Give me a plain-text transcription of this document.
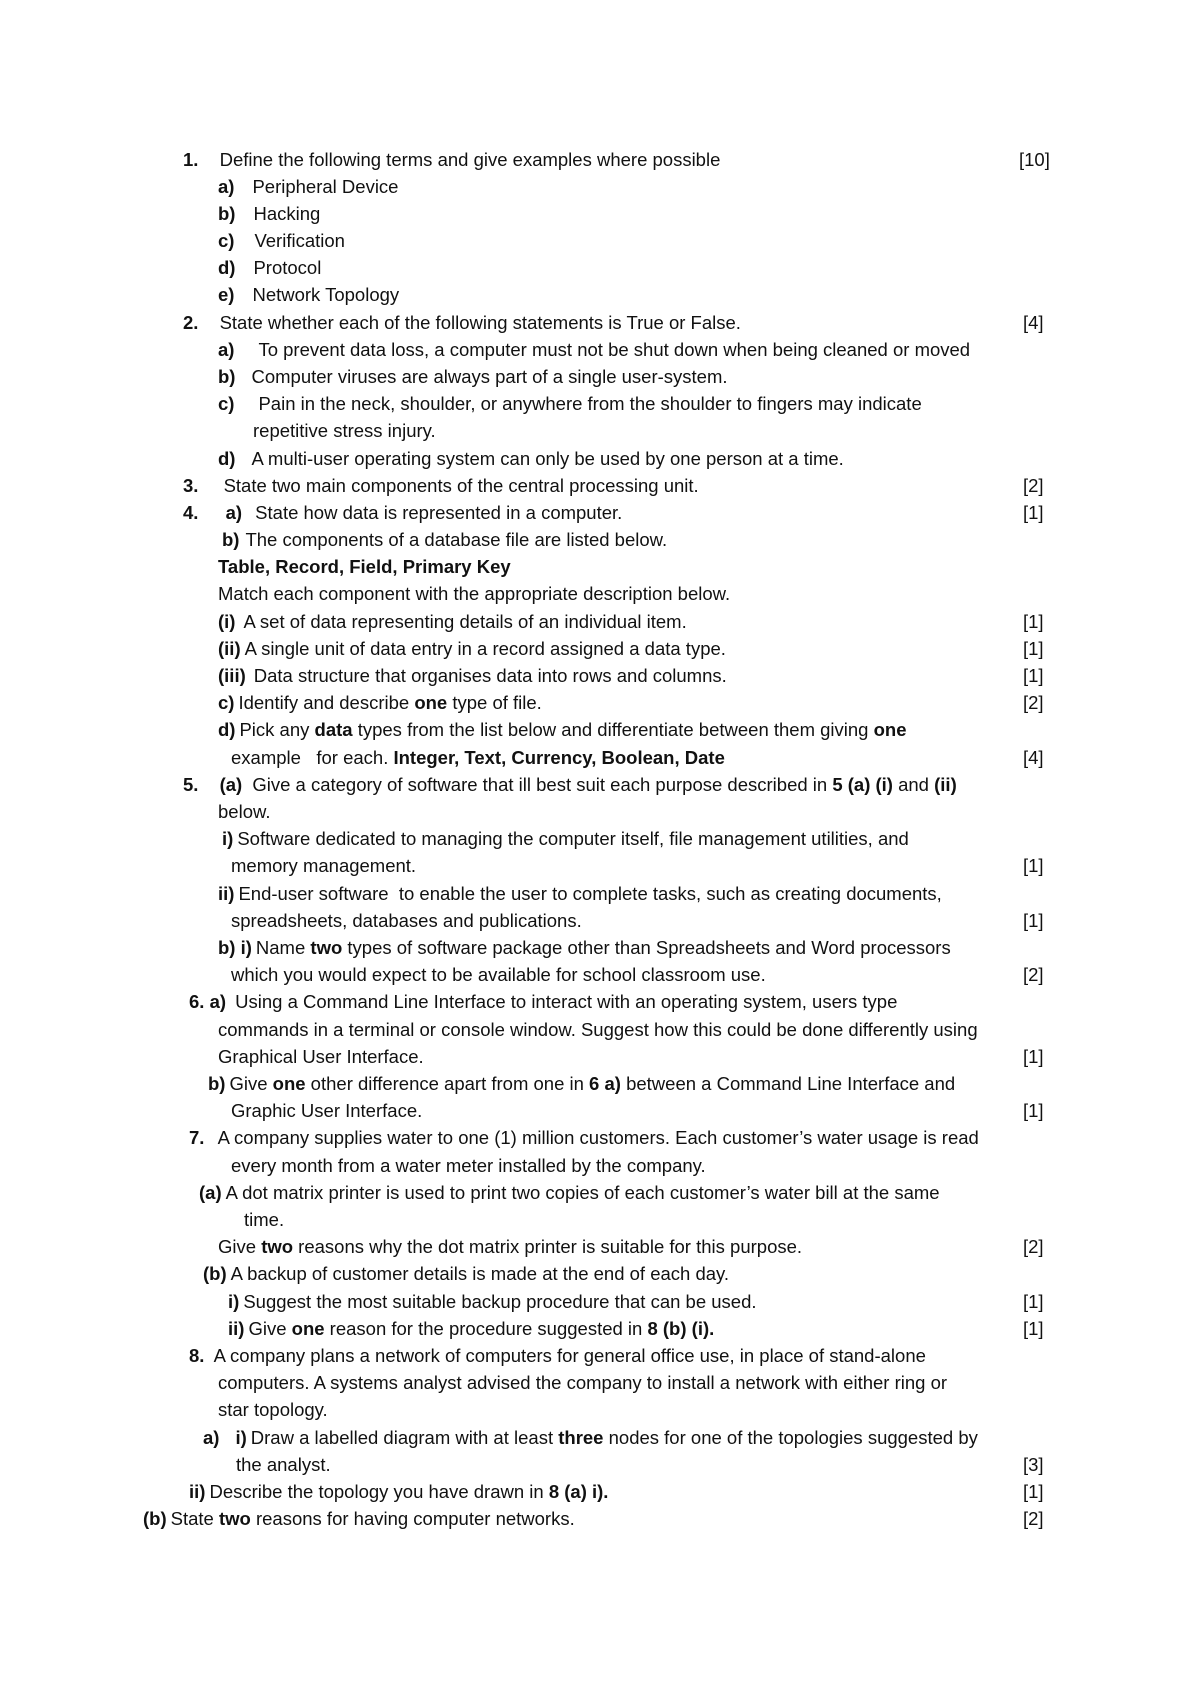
1. Define the following terms and give examples where possible	[10]
a) Peripheral Device
b) Hacking
c) Verification
d) Protocol
e) Network Topology
2. State whether each of the following statements is True or False.	[4]
a) To prevent data loss, a computer must not be shut down when being cleaned or moved
b) Computer viruses are always part of a single user-system.
c) Pain in the neck, shoulder, or anywhere from the shoulder to fingers may indicate
repetitive stress injury.
d) A multi-user operating system can only be used by one person at a time.
3. State two main components of the central processing unit.	[2]
4. a) State how data is represented in a computer.	[1]
b) The components of a database file are listed below.
Table, Record, Field, Primary Key
Match each component with the appropriate description below.
(i) A set of data representing details of an individual item.	[1]
(ii) A single unit of data entry in a record assigned a data type.	[1]
(iii) Data structure that organises data into rows and columns.	[1]
c) Identify and describe one type of file.	[2]
d) Pick any data types from the list below and differentiate between them giving one
example   for each. Integer, Text, Currency, Boolean, Date	[4]
5. (a) Give a category of software that ill best suit each purpose described in 5 (a) (i) and (ii)
below.
i) Software dedicated to managing the computer itself, file management utilities, and
memory management.	[1]
ii) End-user software  to enable the user to complete tasks, such as creating documents,
spreadsheets, databases and publications.	[1]
b) i) Name two types of software package other than Spreadsheets and Word processors
which you would expect to be available for school classroom use.	[2]
6. a) Using a Command Line Interface to interact with an operating system, users type
commands in a terminal or console window. Suggest how this could be done differently using
Graphical User Interface.	[1]
b) Give one other difference apart from one in 6 a) between a Command Line Interface and
Graphic User Interface.	[1]
7. A company supplies water to one (1) million customers. Each customer’s water usage is read
every month from a water meter installed by the company.
(a) A dot matrix printer is used to print two copies of each customer’s water bill at the same
time.
Give two reasons why the dot matrix printer is suitable for this purpose.	[2]
(b) A backup of customer details is made at the end of each day.
i) Suggest the most suitable backup procedure that can be used.	[1]
ii) Give one reason for the procedure suggested in 8 (b) (i).	[1]
8. A company plans a network of computers for general office use, in place of stand-alone
computers. A systems analyst advised the company to install a network with either ring or
star topology.
a) i) Draw a labelled diagram with at least three nodes for one of the topologies suggested by
the analyst.	[3]
ii) Describe the topology you have drawn in 8 (a) i).	[1]
(b) State two reasons for having computer networks.	[2]
